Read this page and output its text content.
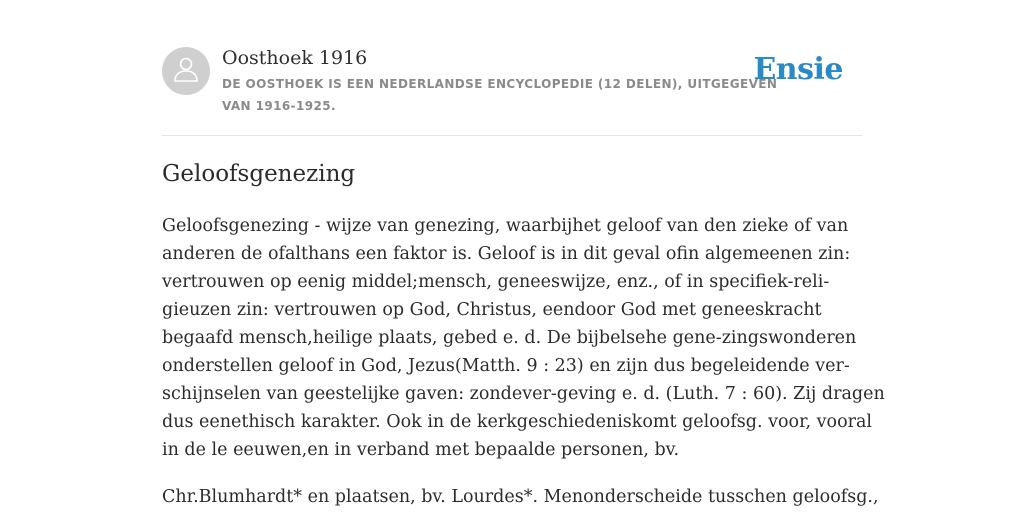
Oosthoek 1916
DE OOSTHOEK IS EEN NEDERLANDSE ENCYCLOPEDIE (12 DELEN), UITGEGEVEN
VAN 1916-1925.
Ensie
Geloofsgenezing

Geloofsgenezing - wijze van genezing, waarbijhet geloof van den zieke of van
anderen de ofalthans een faktor is. Geloof is in dit geval ofin algemeenen zin:
vertrouwen op eenig middel;mensch, geneeswijze, enz., of in specifiek-reli-
gieuzen zin: vertrouwen op God, Christus, eendoor God met geneeskracht
begaafd mensch,heilige plaats, gebed e. d. De bijbelsehe gene-zingswonderen
onderstellen geloof in God, Jezus(Matth. 9 : 23) en zijn dus begeleidende ver-
schijnselen van geestelijke gaven: zondever-geving e. d. (Luth. 7 : 60). Zij dragen
dus eenethisch karakter. Ook in de kerkgeschiedeniskomt geloofsg. voor, vooral
in de le eeuwen,en in verband met bepaalde personen, bv.

Chr.Blumhardt* en plaatsen, bv. Lourdes*. Menonderscheide tusschen geloofsg.,
